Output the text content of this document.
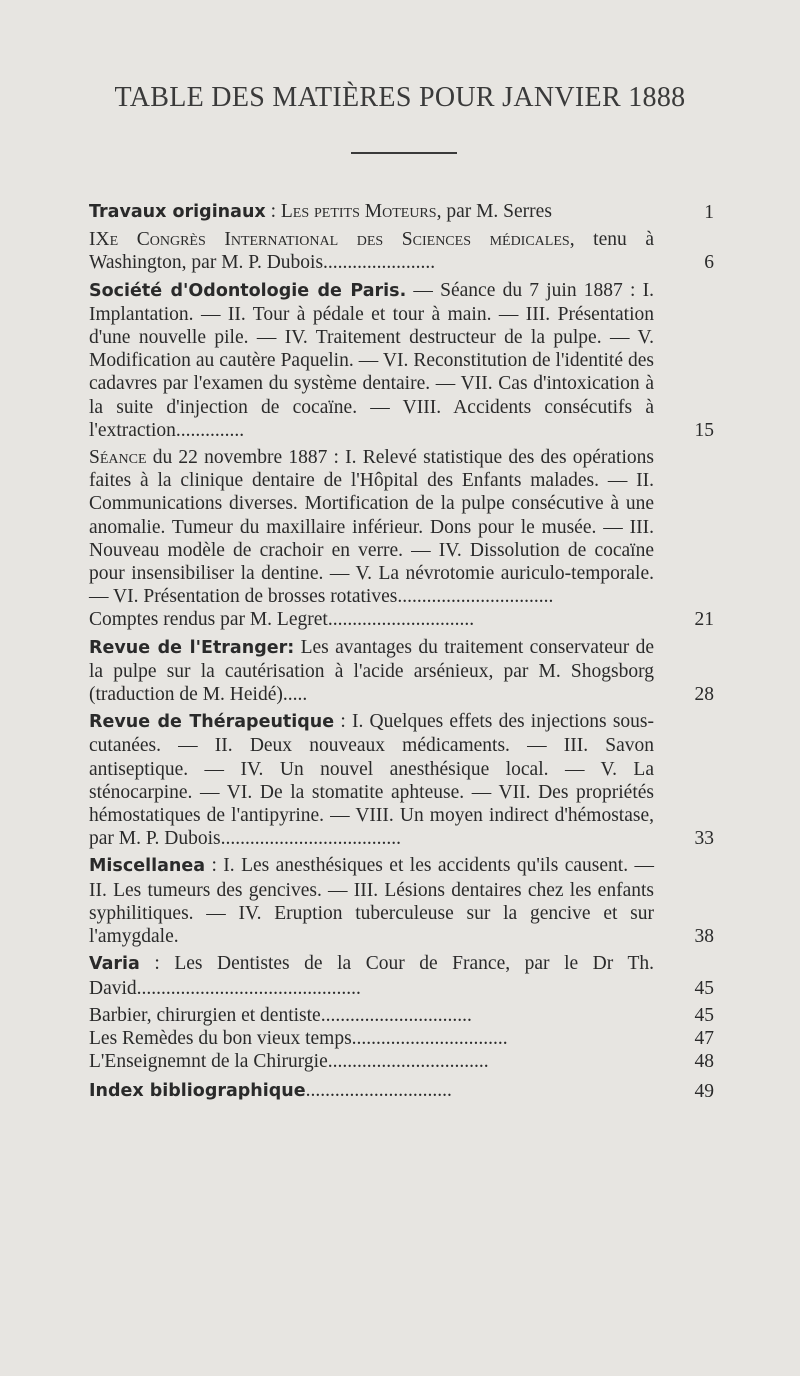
TABLE DES MATIÈRES POUR JANVIER 1888
Travaux originaux : Les petits Moteurs, par M. Serres	1
IXe Congrès International des Sciences médicales, tenu à Washington, par M. P. Dubois.......................	6
Société d'Odontologie de Paris. — Séance du 7 juin 1887 : I. Implantation. — II. Tour à pédale et tour à main. — III. Présentation d'une nouvelle pile. — IV. Traitement destructeur de la pulpe. — V. Modification au cautère Paquelin. — VI. Reconstitution de l'identité des cadavres par l'examen du système dentaire. — VII. Cas d'intoxication à la suite d'injection de cocaïne. — VIII. Accidents consécutifs à l'extraction..............	15
Séance du 22 novembre 1887 : I. Relevé statistique des des opérations faites à la clinique dentaire de l'Hôpital des Enfants malades. — II. Communications diverses. Mortification de la pulpe consécutive à une anomalie. Tumeur du maxillaire inférieur. Dons pour le musée. — III. Nouveau modèle de crachoir en verre. — IV. Dissolution de cocaïne pour insensibiliser la dentine. — V. La névrotomie auriculo-temporale. — VI. Présentation de brosses rotatives................................
Comptes rendus par M. Legret..............................	21
Revue de l'Etranger: Les avantages du traitement conservateur de la pulpe sur la cautérisation à l'acide arsénieux, par M. Shogsborg (traduction de M. Heidé).....	28
Revue de Thérapeutique : I. Quelques effets des injections sous-cutanées. — II. Deux nouveaux médicaments. — III. Savon antiseptique. — IV. Un nouvel anesthésique local. — V. La sténocarpine. — VI. De la stomatite aphteuse. — VII. Des propriétés hémostatiques de l'antipyrine. — VIII. Un moyen indirect d'hémostase, par M. P. Dubois.....................................	33
Miscellanea : I. Les anesthésiques et les accidents qu'ils causent. — II. Les tumeurs des gencives. — III. Lésions dentaires chez les enfants syphilitiques. — IV. Eruption tuberculeuse sur la gencive et sur l'amygdale.	38
Varia : Les Dentistes de la Cour de France, par le Dr Th. David..............................................	45
Barbier, chirurgien et dentiste...............................	45
Les Remèdes du bon vieux temps................................	47
L'Enseignemnt de la Chirurgie.................................	48
Index bibliographique..............................	49
